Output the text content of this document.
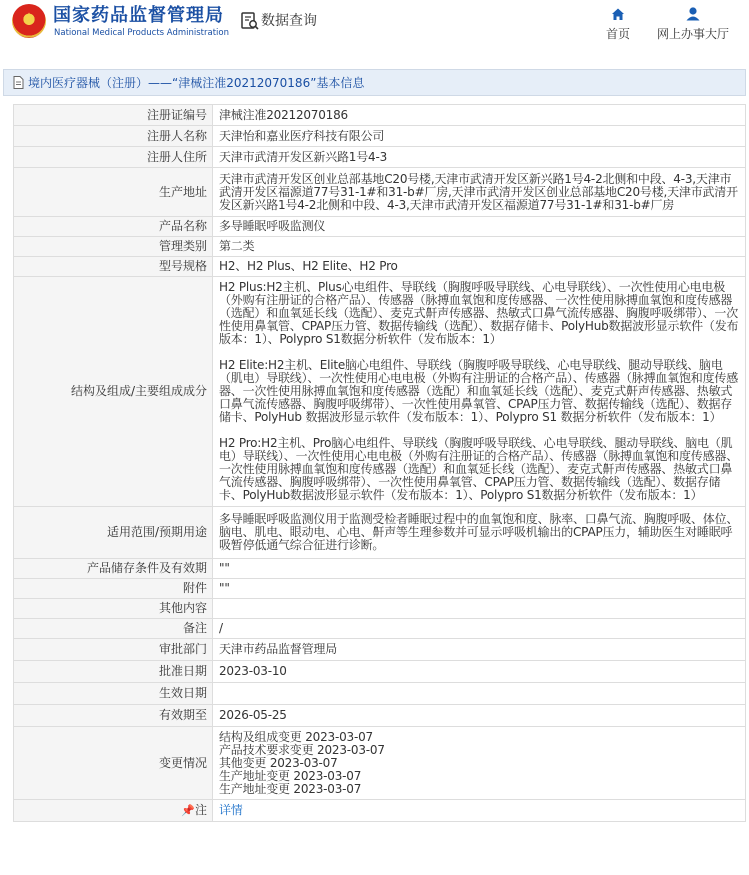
★
国家药品监督管理局
National Medical Products Administration
数据查询
首页	网上办事大厅
境内医疗器械（注册）——“津械注准20212070186”基本信息
注册证编号	津械注准20212070186
注册人名称	天津怡和嘉业医疗科技有限公司
注册人住所	天津市武清开发区新兴路1号4-3
生产地址	天津市武清开发区创业总部基地C20号楼,天津市武清开发区新兴路1号4-2北侧和中段、4-3,天津市武清开发区福源道77号31-1#和31-b#厂房,天津市武清开发区创业总部基地C20号楼,天津市武清开发区新兴路1号4-2北侧和中段、4-3,天津市武清开发区福源道77号31-1#和31-b#厂房
产品名称	多导睡眠呼吸监测仪
管理类别	第二类
型号规格	H2、H2 Plus、H2 Elite、H2 Pro
结构及组成/主要组成成分	H2 Plus:H2主机、Plus心电组件、导联线（胸腹呼吸导联线、心电导联线）、一次性使用心电电极（外购有注册证的合格产品）、传感器（脉搏血氧饱和度传感器、一次性使用脉搏血氧饱和度传感器（选配）和血氧延长线（选配）、麦克式鼾声传感器、热敏式口鼻气流传感器、胸腹呼吸绑带）、一次性使用鼻氧管、CPAP压力管、数据传输线（选配）、数据存储卡、PolyHub数据波形显示软件（发布版本：1）、Polypro S1数据分析软件（发布版本：1）
H2 Elite:H2主机、Elite脑心电组件、导联线（胸腹呼吸导联线、心电导联线、腿动导联线、脑电（肌电）导联线）、一次性使用心电电极（外购有注册证的合格产品）、传感器（脉搏血氧饱和度传感器、一次性使用脉搏血氧饱和度传感器（选配）和血氧延长线（选配）、麦克式鼾声传感器、热敏式口鼻气流传感器、胸腹呼吸绑带）、一次性使用鼻氧管、CPAP压力管、数据传输线（选配）、数据存储卡、PolyHub 数据波形显示软件（发布版本：1）、Polypro S1 数据分析软件（发布版本：1）
H2 Pro:H2主机、Pro脑心电组件、导联线（胸腹呼吸导联线、心电导联线、腿动导联线、脑电（肌电）导联线）、一次性使用心电电极（外购有注册证的合格产品）、传感器（脉搏血氧饱和度传感器、一次性使用脉搏血氧饱和度传感器（选配）和血氧延长线（选配）、麦克式鼾声传感器、热敏式口鼻气流传感器、胸腹呼吸绑带）、一次性使用鼻氧管、CPAP压力管、数据传输线（选配）、数据存储卡、PolyHub数据波形显示软件（发布版本：1）、Polypro S1数据分析软件（发布版本：1）

适用范围/预期用途	多导睡眠呼吸监测仪用于监测受检者睡眠过程中的血氧饱和度、脉率、口鼻气流、胸腹呼吸、体位、脑电、肌电、眼动电、心电、鼾声等生理参数并可显示呼吸机输出的CPAP压力，辅助医生对睡眠呼吸暂停低通气综合征进行诊断。
产品储存条件及有效期	""
附件	""
其他内容	
备注	/
审批部门	天津市药品监督管理局
批准日期	2023-03-10
生效日期	
有效期至	2026-05-25
变更情况	结构及组成变更 2023-03-07
产品技术要求变更 2023-03-07
其他变更 2023-03-07
生产地址变更 2023-03-07
生产地址变更 2023-03-07

📌注	详情
